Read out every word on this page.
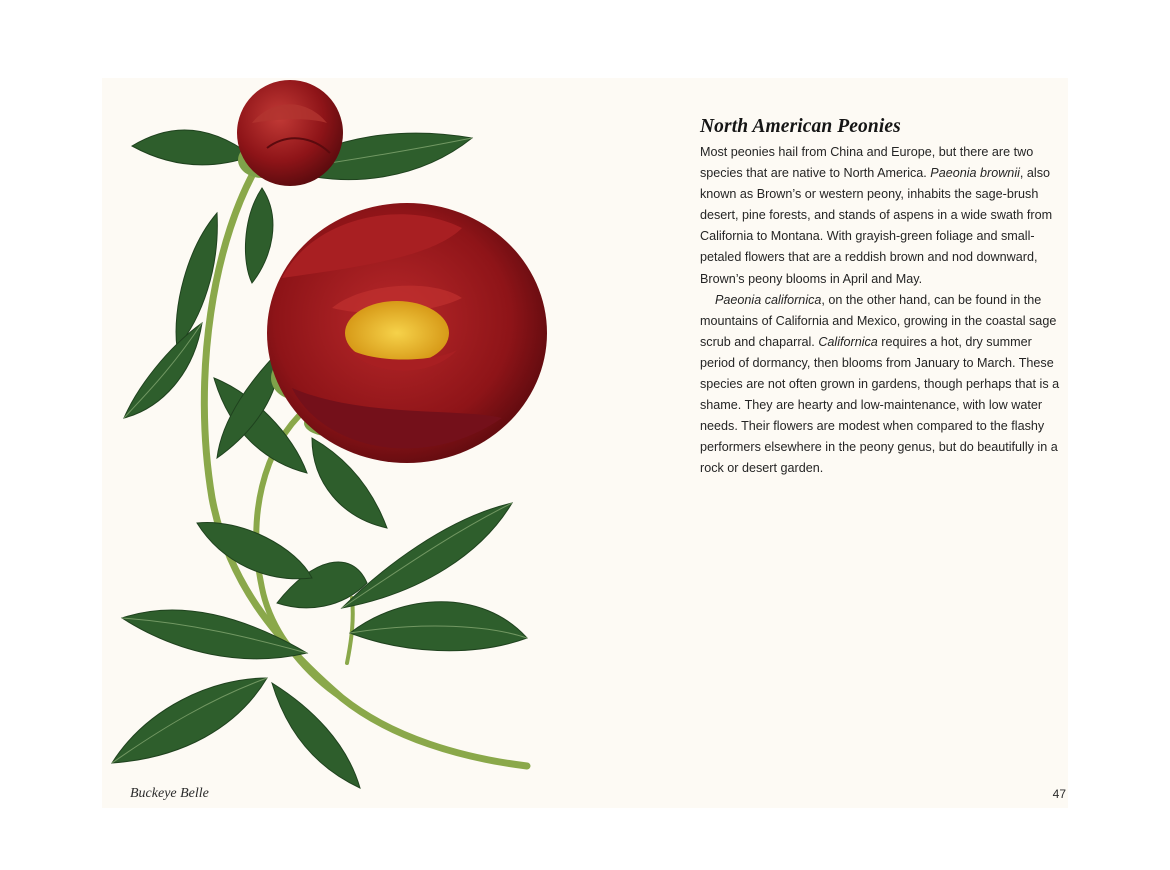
Buckeye Belle	47
North American Peonies

Most peonies hail from China and Europe, but there are two species that are native to North America. Paeonia brownii, also known as Brown’s or western peony, inhabits the sage-brush desert, pine forests, and stands of aspens in a wide swath from California to Montana. With grayish-green foliage and small-petaled flowers that are a reddish brown and nod downward, Brown’s peony blooms in April and May.

Paeonia californica, on the other hand, can be found in the mountains of California and Mexico, growing in the coastal sage scrub and chaparral. Californica requires a hot, dry summer period of dormancy, then blooms from January to March. These species are not often grown in gardens, though perhaps that is a shame. They are hearty and low-maintenance, with low water needs. Their flowers are modest when compared to the flashy performers elsewhere in the peony genus, but do beautifully in a rock or desert garden.
